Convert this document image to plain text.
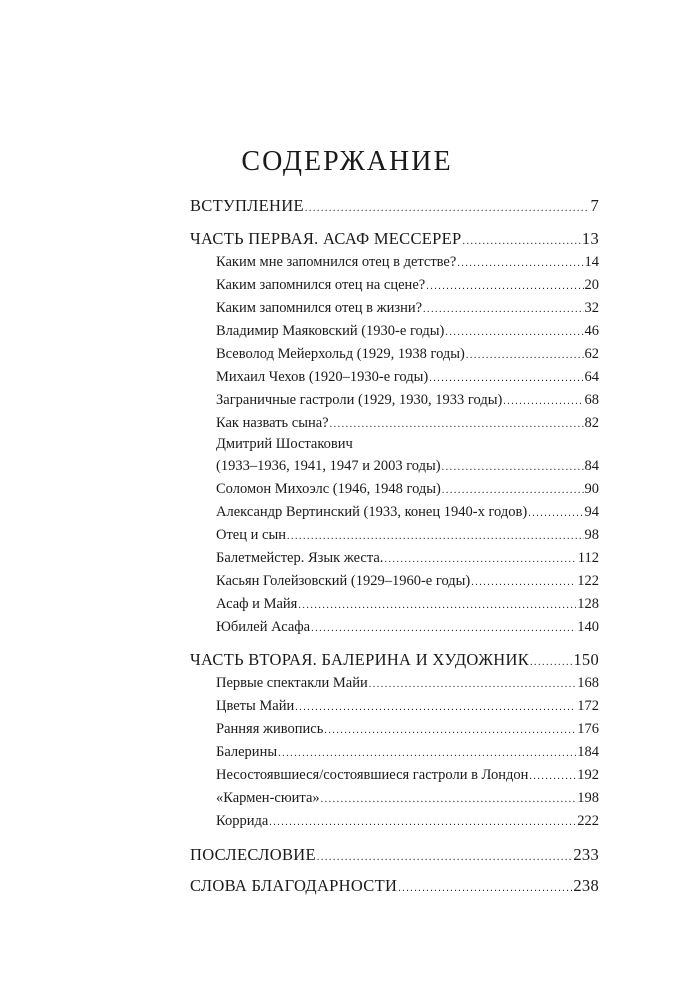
СОДЕРЖАНИЕ
ВСТУПЛЕНИЕ .....	7
ЧАСТЬ ПЕРВАЯ. АСАФ МЕССЕРЕР .....	13
Каким мне запомнился отец в детстве? .....	14
Каким запомнился отец на сцене? .....	20
Каким запомнился отец в жизни? .....	32
Владимир Маяковский (1930-е годы) .....	46
Всеволод Мейерхольд (1929, 1938 годы) .....	62
Михаил Чехов (1920–1930-е годы) .....	64
Заграничные гастроли (1929, 1930, 1933 годы) .....	68
Как назвать сына? .....	82
Дмитрий Шостакович
(1933–1936, 1941, 1947 и 2003 годы) .....	84
Соломон Михоэлс (1946, 1948 годы) .....	90
Александр Вертинский (1933, конец 1940-х годов) .....	94
Отец и сын .....	98
Балетмейстер. Язык жеста. .....	112
Касьян Голейзовский (1929–1960-е годы) .....	122
Асаф и Майя .....	128
Юбилей Асафа .....	140
ЧАСТЬ ВТОРАЯ. БАЛЕРИНА И ХУДОЖНИК .....	150
Первые спектакли Майи .....	168
Цветы Майи .....	172
Ранняя живопись .....	176
Балерины .....	184
Несостоявшиеся/состоявшиеся гастроли в Лондон .....	192
«Кармен-сюита» .....	198
Коррида .....	222
ПОСЛЕСЛОВИЕ .....	233
СЛОВА БЛАГОДАРНОСТИ .....	238
